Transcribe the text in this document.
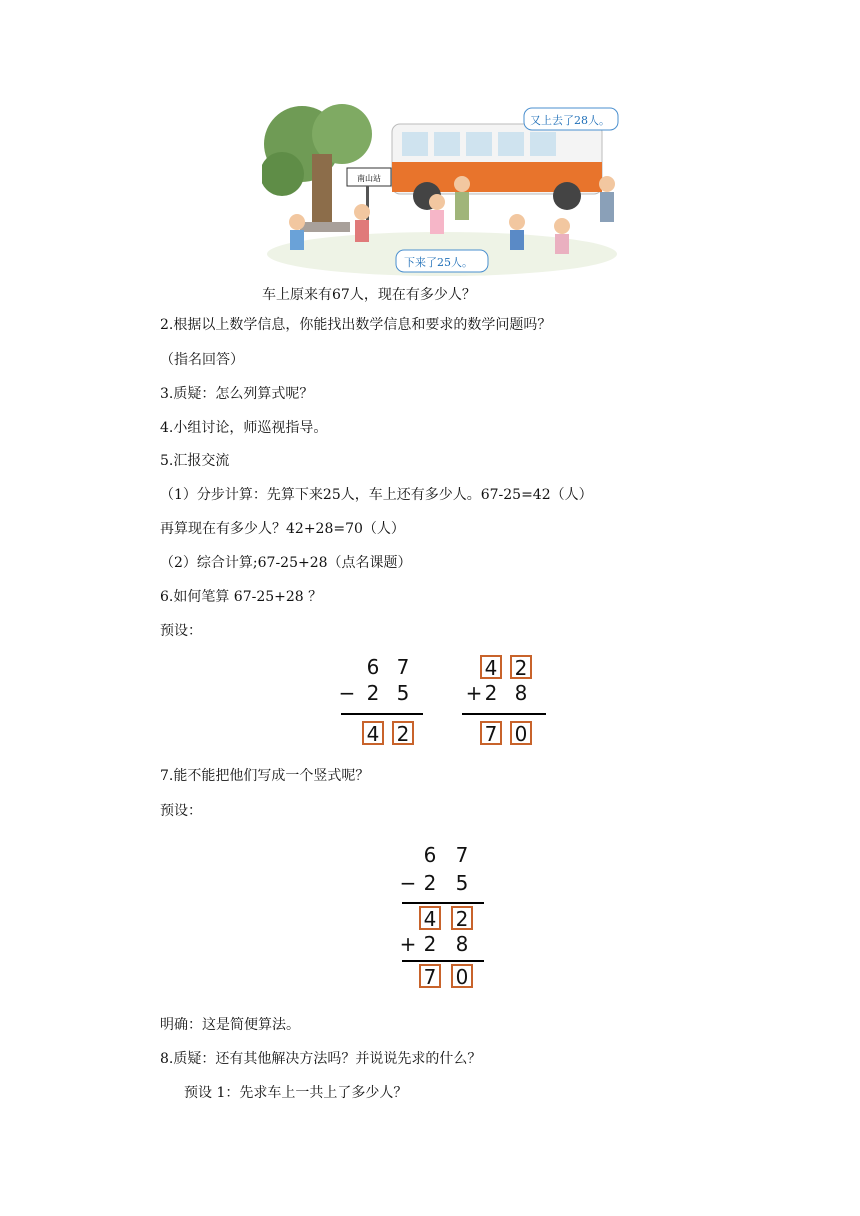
南山站
又上去了28人。
下来了25人。
车上原来有67人，现在有多少人？
2.根据以上数学信息，你能找出数学信息和要求的数学问题吗？
（指名回答）
3.质疑：怎么列算式呢？
4.小组讨论，师巡视指导。
5.汇报交流
（1）分步计算：先算下来25人，车上还有多少人。67-25=42（人）
再算现在有多少人？42+28=70（人）
（2）综合计算;67-25+28（点名课题）
6.如何笔算 67-25+28 ？
预设：
6 7
− 2 5
4 2
4 2
+ 2 8
7 0
7.能不能把他们写成一个竖式呢？
预设：
6 7
− 2 5
4 2
+ 2 8
7 0
明确：这是简便算法。
8.质疑：还有其他解决方法吗？并说说先求的什么？
预设 1：先求车上一共上了多少人？
